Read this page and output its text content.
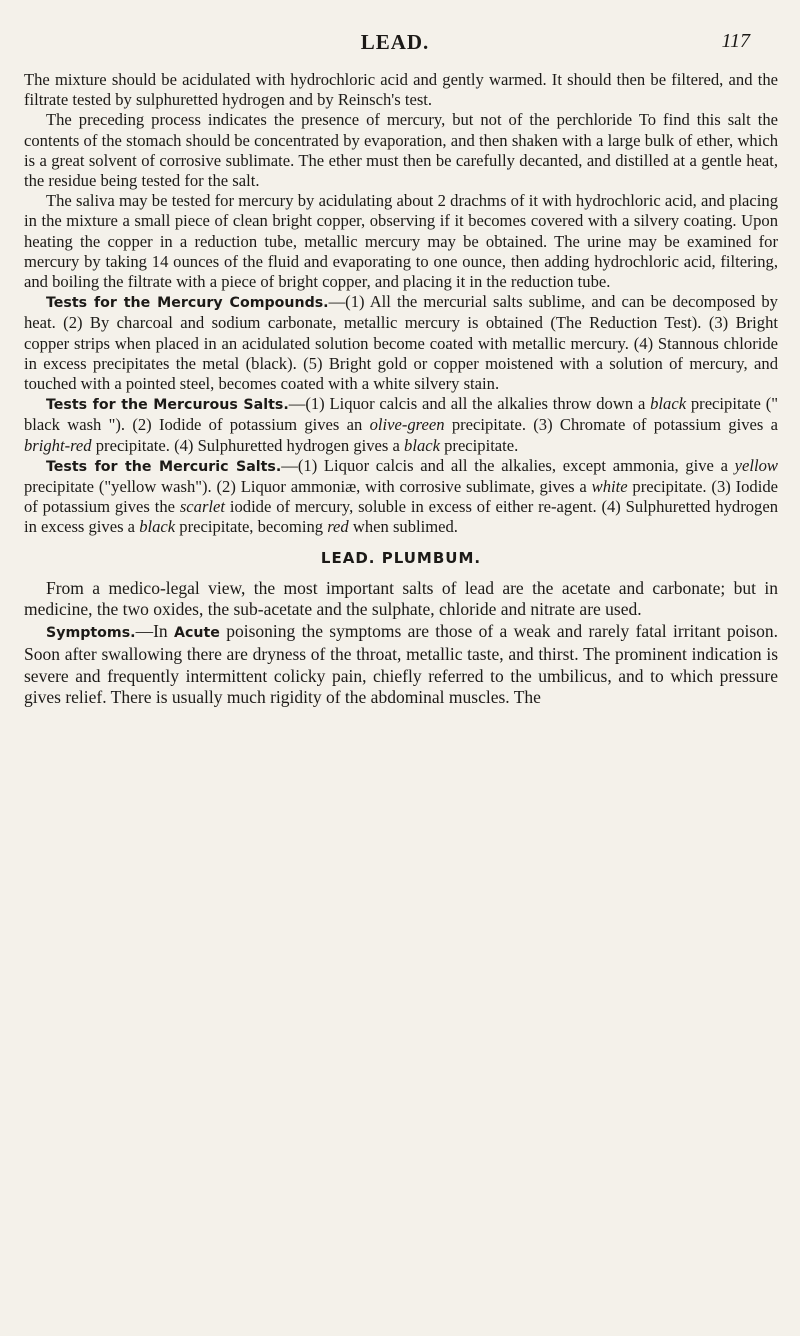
LEAD.	117

The mixture should be acidulated with hydrochloric acid and gently warmed. It should then be filtered, and the filtrate tested by sulphuretted hydrogen and by Reinsch's test.

The preceding process indicates the presence of mercury, but not of the perchloride To find this salt the contents of the stomach should be concentrated by evaporation, and then shaken with a large bulk of ether, which is a great solvent of corrosive sublimate. The ether must then be carefully decanted, and distilled at a gentle heat, the residue being tested for the salt.

The saliva may be tested for mercury by acidulating about 2 drachms of it with hydrochloric acid, and placing in the mixture a small piece of clean bright copper, observing if it becomes covered with a silvery coating. Upon heating the copper in a reduction tube, metallic mercury may be obtained. The urine may be examined for mercury by taking 14 ounces of the fluid and evaporating to one ounce, then adding hydrochloric acid, filtering, and boiling the filtrate with a piece of bright copper, and placing it in the reduction tube.

Tests for the Mercury Compounds.—(1) All the mercurial salts sublime, and can be decomposed by heat. (2) By charcoal and sodium carbonate, metallic mercury is obtained (The Reduction Test). (3) Bright copper strips when placed in an acidulated solution become coated with metallic mercury. (4) Stannous chloride in excess precipitates the metal (black). (5) Bright gold or copper moistened with a solution of mercury, and touched with a pointed steel, becomes coated with a white silvery stain.

Tests for the Mercurous Salts.—(1) Liquor calcis and all the alkalies throw down a black precipitate (" black wash "). (2) Iodide of potassium gives an olive-green precipitate. (3) Chromate of potassium gives a bright-red precipitate. (4) Sulphuretted hydrogen gives a black precipitate.

Tests for the Mercuric Salts.—(1) Liquor calcis and all the alkalies, except ammonia, give a yellow precipitate ("yellow wash"). (2) Liquor ammoniæ, with corrosive sublimate, gives a white precipitate. (3) Iodide of potassium gives the scarlet iodide of mercury, soluble in excess of either re-agent. (4) Sulphuretted hydrogen in excess gives a black precipitate, becoming red when sublimed.

LEAD. PLUMBUM.

From a medico-legal view, the most important salts of lead are the acetate and carbonate; but in medicine, the two oxides, the sub-acetate and the sulphate, chloride and nitrate are used.

Symptoms.—In Acute poisoning the symptoms are those of a weak and rarely fatal irritant poison. Soon after swallowing there are dryness of the throat, metallic taste, and thirst. The prominent indication is severe and frequently intermittent colicky pain, chiefly referred to the umbilicus, and to which pressure gives relief. There is usually much rigidity of the abdominal muscles. The
